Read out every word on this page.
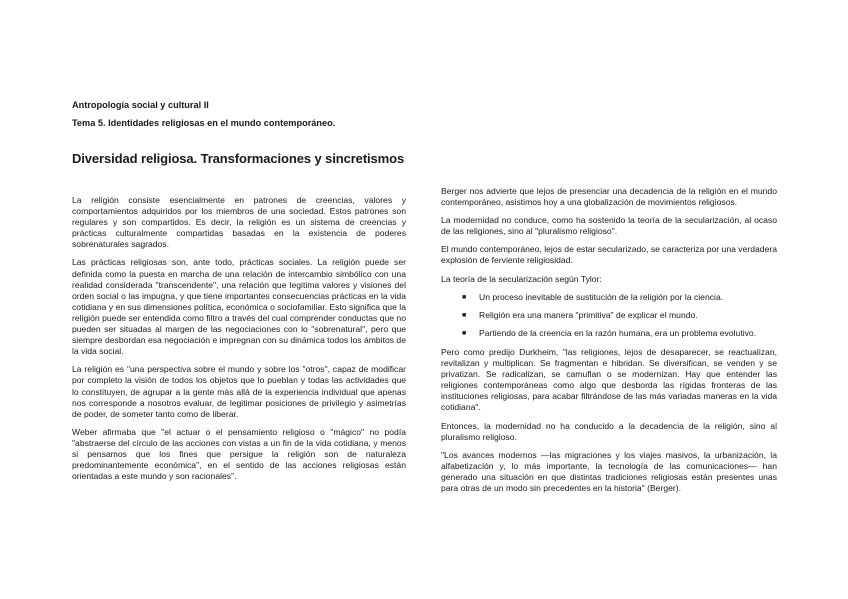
Antropología social y cultural II

Tema 5. Identidades religiosas en el mundo contemporáneo.

Diversidad religiosa. Transformaciones y sincretismos

La religión consiste esencialmente en patrones de creencias, valores y comportamientos adquiridos por los miembros de una sociedad. Estos patrones son regulares y son compartidos. Es decir, la religión es un sistema de creencias y prácticas culturalmente compartidas basadas en la existencia de poderes sobrenaturales sagrados.

Las prácticas religiosas son, ante todo, prácticas sociales. La religión puede ser definida como la puesta en marcha de una relación de intercambio simbólico con una realidad considerada "transcendente", una relación que legitima valores y visiones del orden social o las impugna, y que tiene importantes consecuencias prácticas en la vida cotidiana y en sus dimensiones política, económica o sociofamiliar. Esto significa que la religión puede ser entendida como filtro a través del cual comprender conductas que no pueden ser situadas al margen de las negociaciones con lo "sobrenatural", pero que siempre desbordan esa negociación e impregnan con su dinámica todos los ámbitos de la vida social.

La religión es "una perspectiva sobre el mundo y sobre los "otros", capaz de modificar por completo la visión de todos los objetos que lo pueblan y todas las actividades que lo constituyen, de agrupar a la gente más allá de la experiencia individual que apenas nos corresponde a nosotros evaluar, de legitimar posiciones de privilegio y asimetrías de poder, de someter tanto como de liberar.

Weber afirmaba que "el actuar o el pensamiento religioso o "mágico" no podía "abstraerse del círculo de las acciones con vistas a un fin de la vida cotidiana, y menos si pensamos que los fines que persigue la religión son de naturaleza predominantemente económica", en el sentido de las acciones religiosas están orientadas a este mundo y son racionales".

Berger nos advierte que lejos de presenciar una decadencia de la religión en el mundo contemporáneo, asistimos hoy a una globalización de movimientos religiosos.

La modernidad no conduce, como ha sostenido la teoría de la secularización, al ocaso de las religiones, sino al "pluralismo religioso".

El mundo contemporáneo, lejos de estar secularizado, se caracteriza por una verdadera explosión de ferviente religiosidad.

La teoría de la secularización según Tylor:

■ Un proceso inevitable de sustitución de la religión por la ciencia.
■ Religión era una manera "primitiva" de explicar el mundo.
■ Partiendo de la creencia en la razón humana, era un problema evolutivo.

Pero como predijo Durkheim, "las religiones, lejos de desaparecer, se reactualizan, revitalizan y multiplican. Se fragmentan e hibridan. Se diversifican, se venden y se privatizan. Se radicalizan, se camuflan o se modernizan. Hay que entender las religiones contemporáneas como algo que desborda las rígidas fronteras de las instituciones religiosas, para acabar filtrándose de las más variadas maneras en la vida cotidiana".

Entonces, la modernidad no ha conducido a la decadencia de la religión, sino al pluralismo religioso.

"Los avances modernos —las migraciones y los viajes masivos, la urbanización, la alfabetización y, lo más importante, la tecnología de las comunicaciones— han generado una situación en que distintas tradiciones religiosas están presentes unas para otras de un modo sin precedentes en la historia" (Berger).
